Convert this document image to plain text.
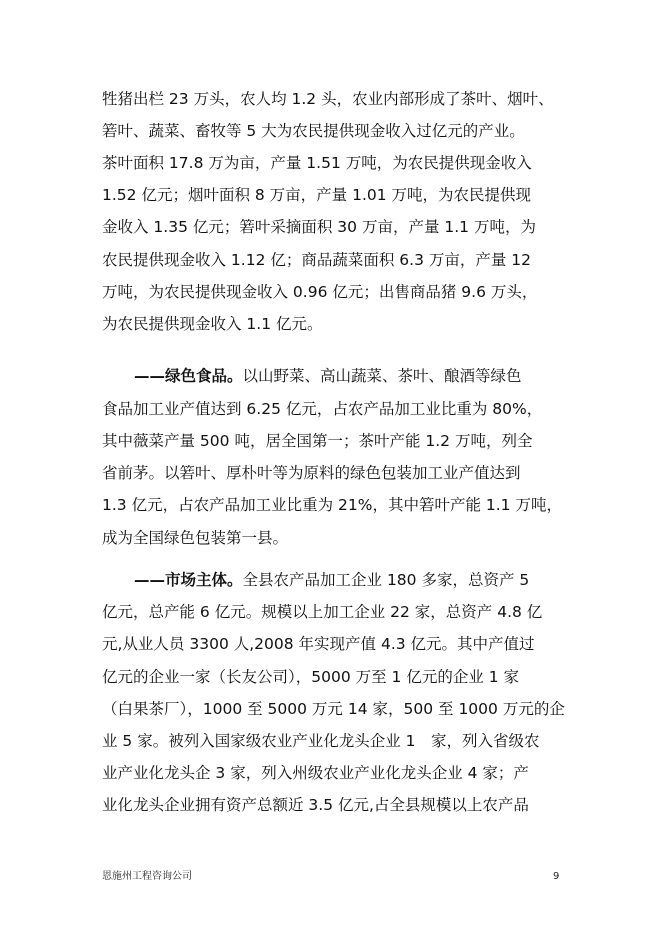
牲猪出栏 23 万头，农人均 1.2 头，农业内部形成了茶叶、烟叶、
箬叶、蔬菜、畜牧等 5 大为农民提供现金收入过亿元的产业。
茶叶面积 17.8 万为亩，产量 1.51 万吨，为农民提供现金收入
1.52 亿元；烟叶面积 8 万亩，产量 1.01 万吨，为农民提供现
金收入 1.35 亿元；箬叶采摘面积 30 万亩，产量 1.1 万吨，为
农民提供现金收入 1.12 亿；商品蔬菜面积 6.3 万亩，产量 12
万吨，为农民提供现金收入 0.96 亿元；出售商品猪 9.6 万头，
为农民提供现金收入 1.1 亿元。
——绿色食品。以山野菜、高山蔬菜、茶叶、酿酒等绿色
食品加工业产值达到 6.25 亿元，占农产品加工业比重为 80%，
其中薇菜产量 500 吨，居全国第一；茶叶产能 1.2 万吨，列全
省前茅。以箬叶、厚朴叶等为原料的绿色包装加工业产值达到
1.3 亿元，占农产品加工业比重为 21%，其中箬叶产能 1.1 万吨，
成为全国绿色包装第一县。
——市场主体。全县农产品加工企业 180 多家，总资产 5
亿元，总产能 6 亿元。规模以上加工企业 22 家，总资产 4.8 亿
元,从业人员 3300 人,2008 年实现产值 4.3 亿元。其中产值过
亿元的企业一家（长友公司），5000 万至 1 亿元的企业 1 家
（白果茶厂），1000 至 5000 万元 14 家，500 至 1000 万元的企
业 5 家。被列入国家级农业产业化龙头企业 1　家，列入省级农
业产业化龙头企 3 家，列入州级农业产业化龙头企业 4 家；产
业化龙头企业拥有资产总额近 3.5 亿元,占全县规模以上农产品
恩施州工程咨询公司	9
